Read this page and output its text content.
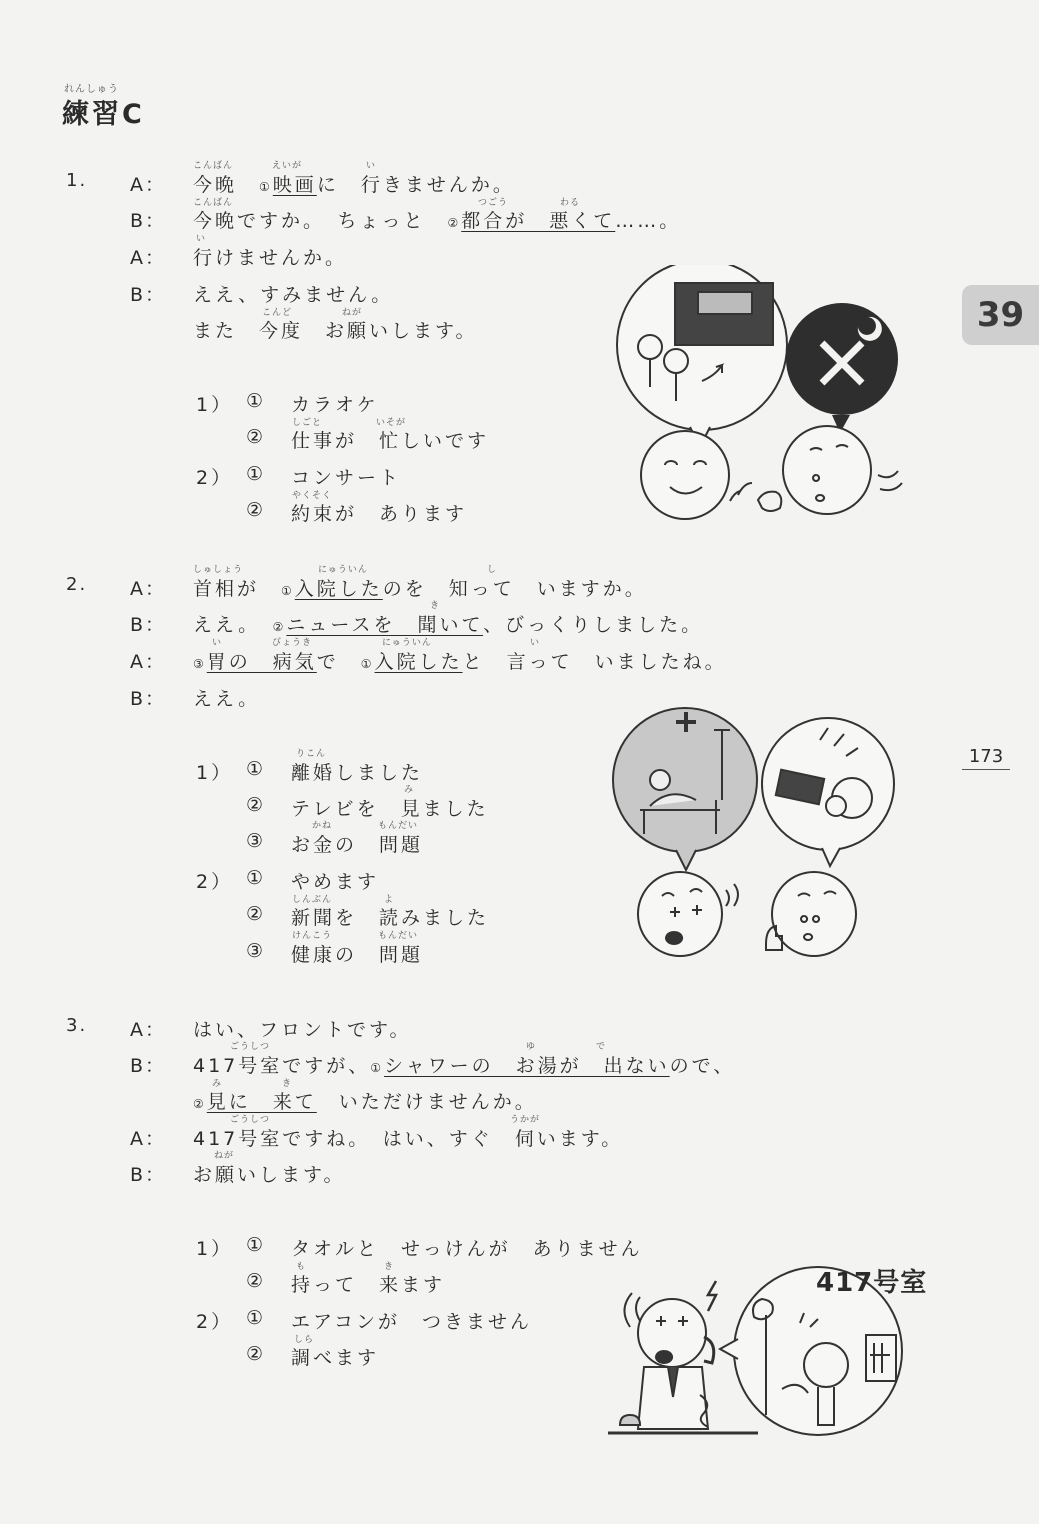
れんしゅう
練習C
39
173
1. A：
こんばん	えいが	い
今晩　 ①映画に　行きませんか。
B：
こんばん	つごう	わる
今晩ですか。　ちょっと　②都合が　悪くて……。
A：
い
行けませんか。
B： ええ、すみません。
こんど	ねが
また　今度　お願いします。
1） ① カラオケ
しごと	いそが
② 仕事が　忙しいです
2） ① コンサート
やくそく
② 約束が　あります
2. A：
しゅしょう	にゅういん	し
首相が　①入院したのを　知って　いますか。
B：
き
ええ。　②ニュースを　聞いて、びっくりしました。
A：
い	びょうき	にゅういん	い
③胃の　病気で　①入院したと　言って　いましたね。
B： ええ。
1）
りこん
① 離婚しました
み
② テレビを　見ました
かね	もんだい
③ お金の　問題
2） ① やめます
しんぶん	よ
② 新聞を　読みました
けんこう	もんだい
③ 健康の　問題
3. A： はい、フロントです。
B：
ごうしつ	ゆ	で
417号室ですが、①シャワーの　お湯が　出ないので、
み	き
②見に　来て　いただけませんか。
A：
ごうしつ	うかが
417号室ですね。　はい、すぐ　伺います。
B：
ねが
お願いします。
1） ① タオルと　せっけんが　ありません
も	き
② 持って　来ます
2） ① エアコンが　つきません
しら
② 調べます
417号室
